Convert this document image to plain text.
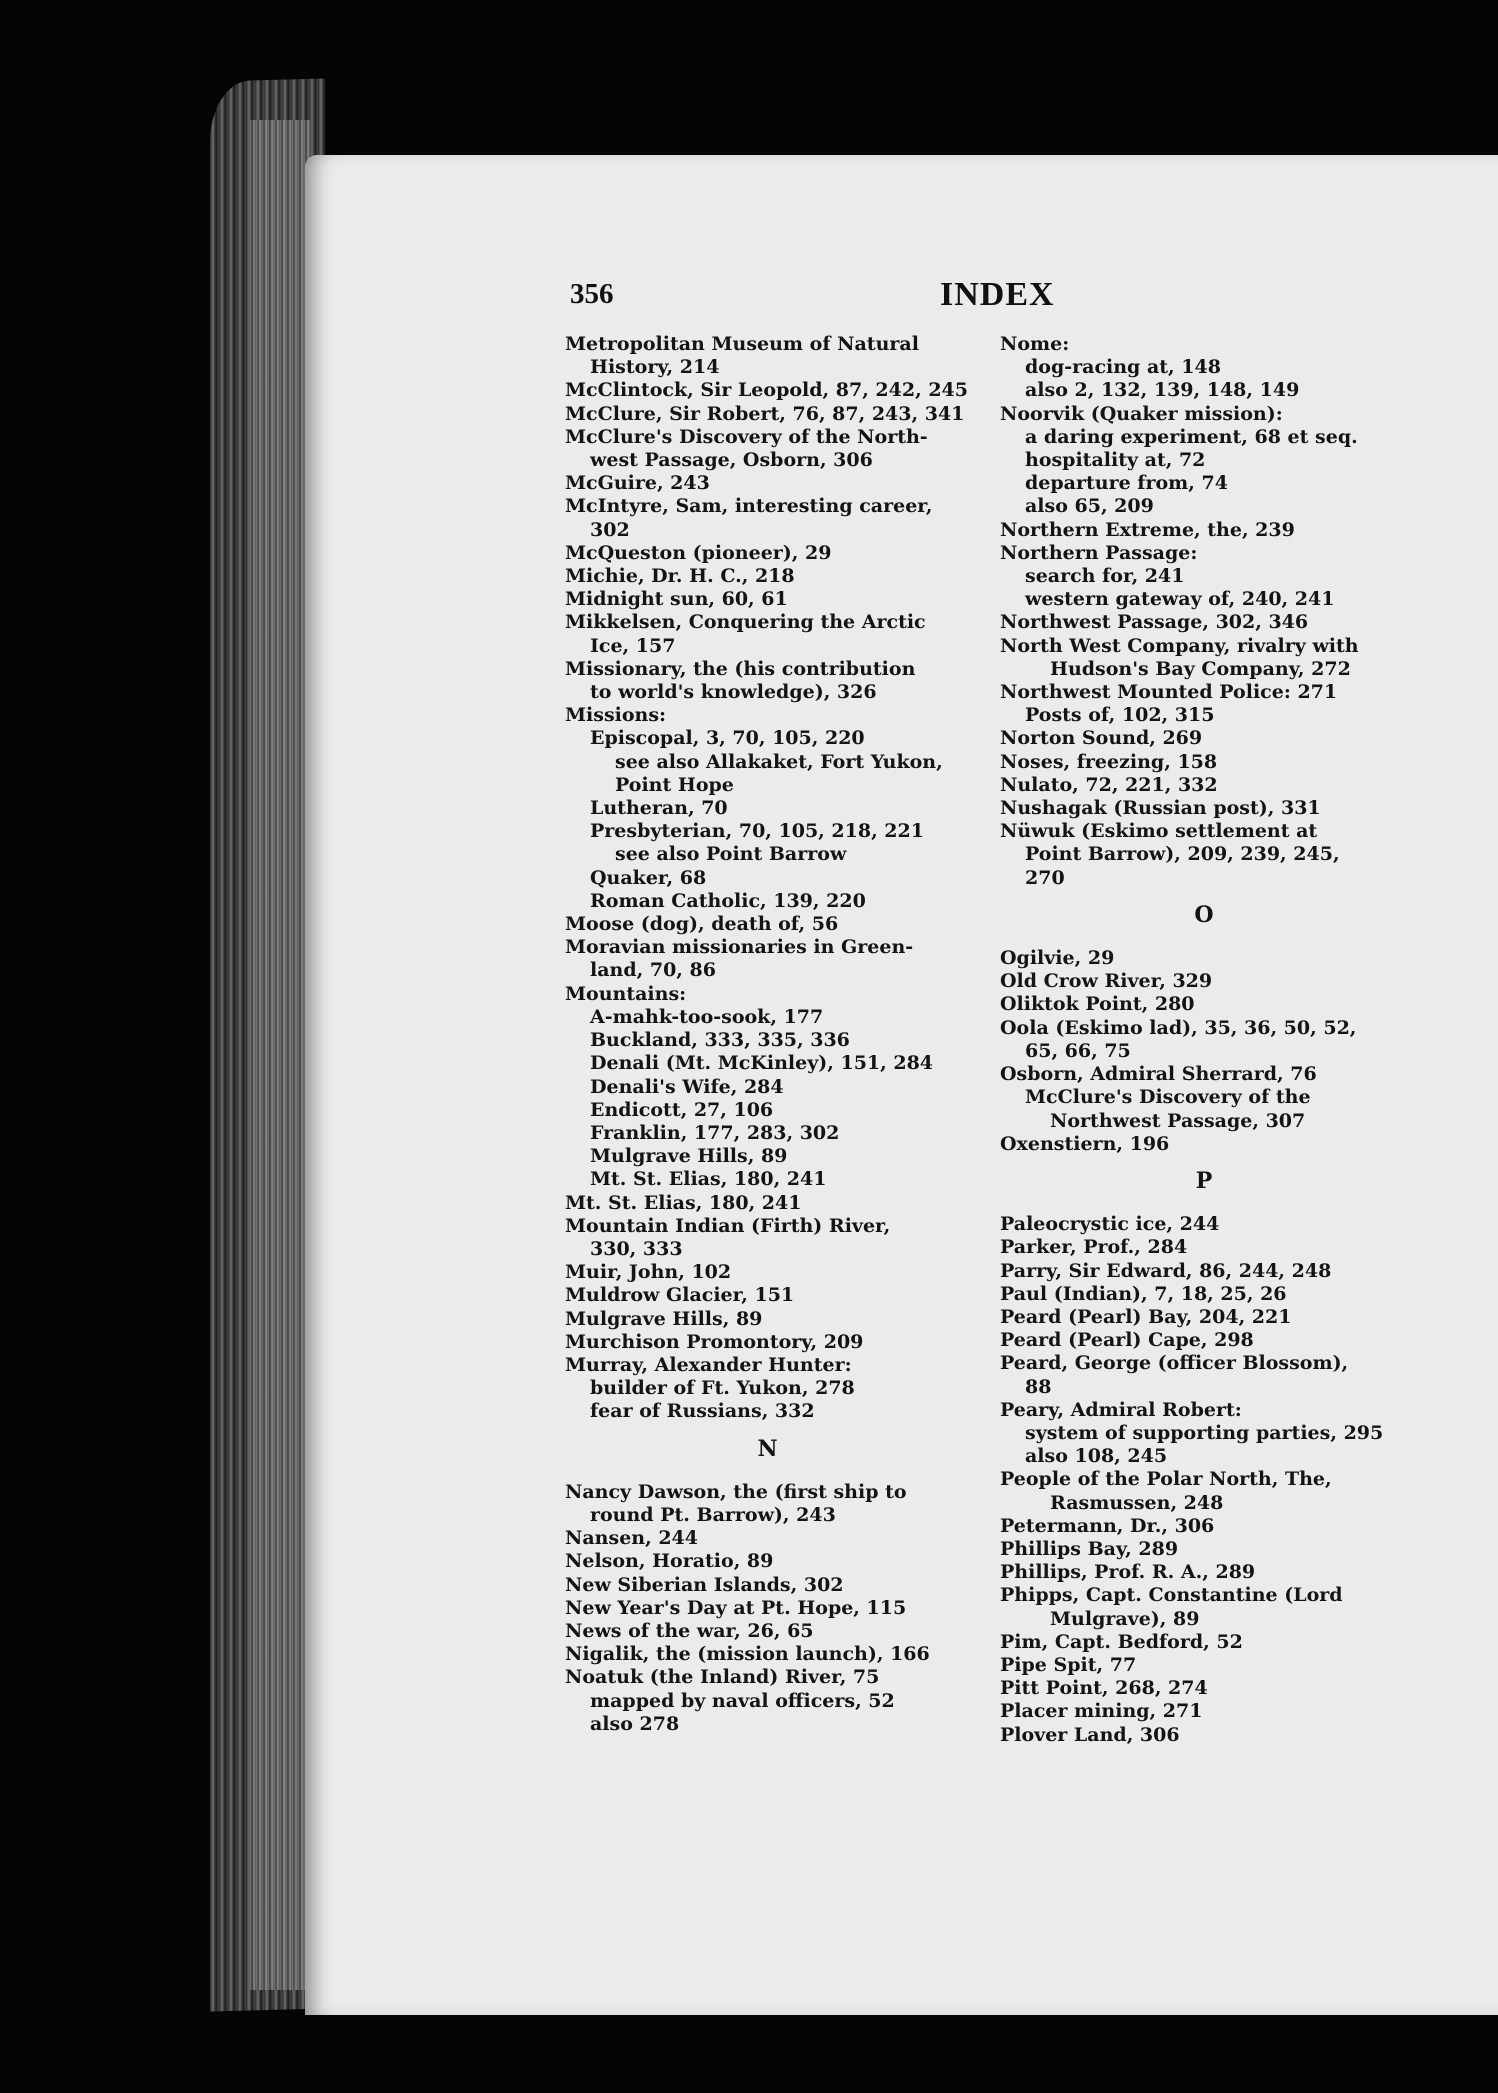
356	INDEX
Metropolitan Museum of Natural
History, 214
McClintock, Sir Leopold, 87, 242, 245
McClure, Sir Robert, 76, 87, 243, 341
McClure's Discovery of the North-
west Passage, Osborn, 306
McGuire, 243
McIntyre, Sam, interesting career,
302
McQueston (pioneer), 29
Michie, Dr. H. C., 218
Midnight sun, 60, 61
Mikkelsen, Conquering the Arctic
Ice, 157
Missionary, the (his contribution
to world's knowledge), 326
Missions:
Episcopal, 3, 70, 105, 220
see also Allakaket, Fort Yukon,
Point Hope
Lutheran, 70
Presbyterian, 70, 105, 218, 221
see also Point Barrow
Quaker, 68
Roman Catholic, 139, 220
Moose (dog), death of, 56
Moravian missionaries in Green-
land, 70, 86
Mountains:
A-mahk-too-sook, 177
Buckland, 333, 335, 336
Denali (Mt. McKinley), 151, 284
Denali's Wife, 284
Endicott, 27, 106
Franklin, 177, 283, 302
Mulgrave Hills, 89
Mt. St. Elias, 180, 241
Mt. St. Elias, 180, 241
Mountain Indian (Firth) River,
330, 333
Muir, John, 102
Muldrow Glacier, 151
Mulgrave Hills, 89
Murchison Promontory, 209
Murray, Alexander Hunter:
builder of Ft. Yukon, 278
fear of Russians, 332
N
Nancy Dawson, the (first ship to
round Pt. Barrow), 243
Nansen, 244
Nelson, Horatio, 89
New Siberian Islands, 302
New Year's Day at Pt. Hope, 115
News of the war, 26, 65
Nigalik, the (mission launch), 166
Noatuk (the Inland) River, 75
mapped by naval officers, 52
also 278
Nome:
dog-racing at, 148
also 2, 132, 139, 148, 149
Noorvik (Quaker mission):
a daring experiment, 68 et seq.
hospitality at, 72
departure from, 74
also 65, 209
Northern Extreme, the, 239
Northern Passage:
search for, 241
western gateway of, 240, 241
Northwest Passage, 302, 346
North West Company, rivalry with
Hudson's Bay Company, 272
Northwest Mounted Police: 271
Posts of, 102, 315
Norton Sound, 269
Noses, freezing, 158
Nulato, 72, 221, 332
Nushagak (Russian post), 331
Nüwuk (Eskimo settlement at
Point Barrow), 209, 239, 245,
270
O
Ogilvie, 29
Old Crow River, 329
Oliktok Point, 280
Oola (Eskimo lad), 35, 36, 50, 52,
65, 66, 75
Osborn, Admiral Sherrard, 76
McClure's Discovery of the
Northwest Passage, 307
Oxenstiern, 196
P
Paleocrystic ice, 244
Parker, Prof., 284
Parry, Sir Edward, 86, 244, 248
Paul (Indian), 7, 18, 25, 26
Peard (Pearl) Bay, 204, 221
Peard (Pearl) Cape, 298
Peard, George (officer Blossom),
88
Peary, Admiral Robert:
system of supporting parties, 295
also 108, 245
People of the Polar North, The,
Rasmussen, 248
Petermann, Dr., 306
Phillips Bay, 289
Phillips, Prof. R. A., 289
Phipps, Capt. Constantine (Lord
Mulgrave), 89
Pim, Capt. Bedford, 52
Pipe Spit, 77
Pitt Point, 268, 274
Placer mining, 271
Plover Land, 306
